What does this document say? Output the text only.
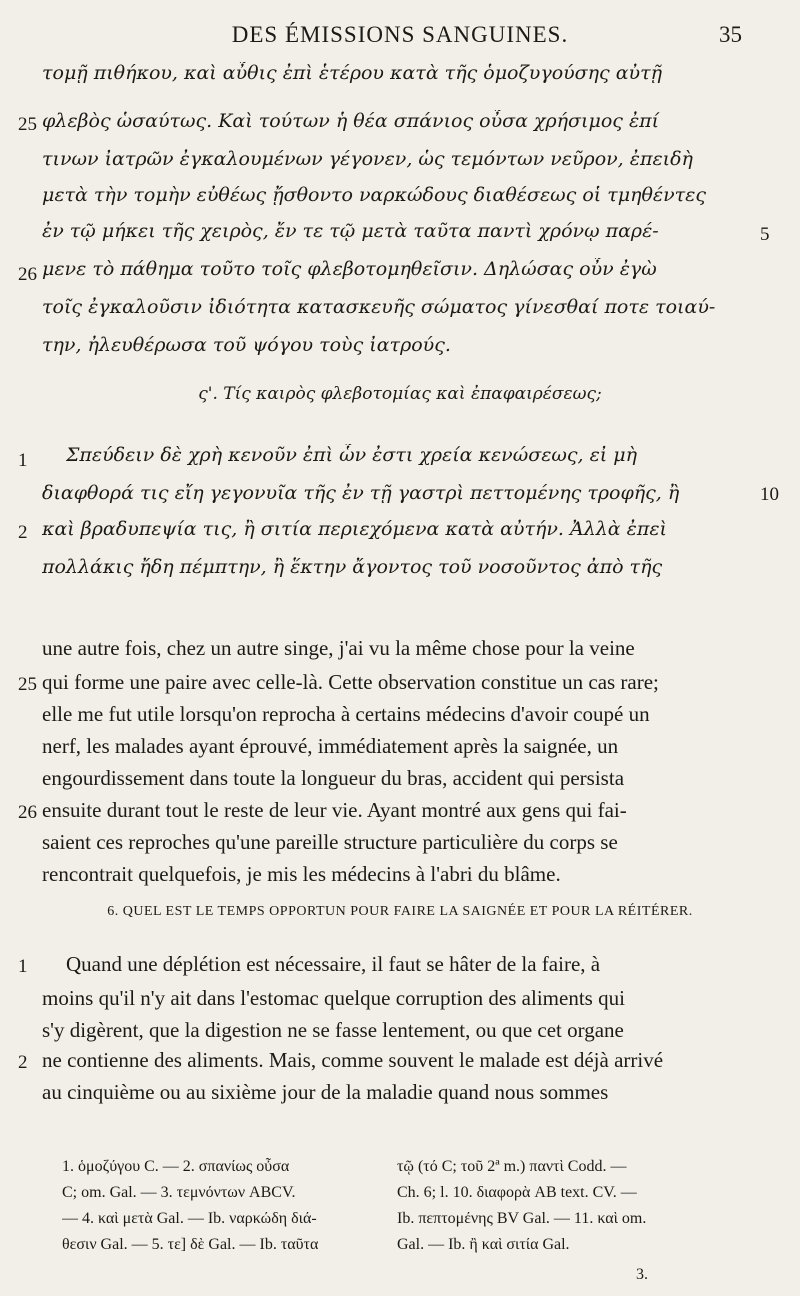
DES ÉMISSIONS SANGUINES.	35
τομῇ πιθήκου, καὶ αὖθις ἐπὶ ἑτέρου κατὰ τῆς ὁμοζυγούσης αὐτῇ
φλεβὸς ὡσαύτως. Καὶ τούτων ἡ θέα σπάνιος οὖσα χρήσιμος ἐπί
τινων ἰατρῶν ἐγκαλουμένων γέγονεν, ὡς τεμόντων νεῦρον, ἐπειδὴ
μετὰ τὴν τομὴν εὐθέως ᾔσθοντο ναρκώδους διαθέσεως οἱ τμηθέντες
ἐν τῷ μήκει τῆς χειρὸς, ἔν τε τῷ μετὰ ταῦτα παντὶ χρόνῳ παρέ-
μενε τὸ πάθημα τοῦτο τοῖς φλεβοτομηθεῖσιν. Δηλώσας οὖν ἐγὼ
τοῖς ἐγκαλοῦσιν ἰδιότητα κατασκευῆς σώματος γίνεσθαί ποτε τοιαύ-
την, ἠλευθέρωσα τοῦ ψόγου τοὺς ἰατρούς.
25
5
26
ς'. Τίς καιρὸς φλεβοτομίας καὶ ἐπαφαιρέσεως;
Σπεύδειν δὲ χρὴ κενοῦν ἐπὶ ὧν ἐστι χρεία κενώσεως, εἰ μὴ
διαφθορά τις εἴη γεγονυῖα τῆς ἐν τῇ γαστρὶ πεττομένης τροφῆς, ἢ
καὶ βραδυπεψία τις, ἢ σιτία περιεχόμενα κατὰ αὐτήν. Ἀλλὰ ἐπεὶ
πολλάκις ἤδη πέμπτην, ἢ ἕκτην ἄγοντος τοῦ νοσοῦντος ἀπὸ τῆς
1
10
2
une autre fois, chez un autre singe, j'ai vu la même chose pour la veine
qui forme une paire avec celle-là. Cette observation constitue un cas rare;
elle me fut utile lorsqu'on reprocha à certains médecins d'avoir coupé un
nerf, les malades ayant éprouvé, immédiatement après la saignée, un
engourdissement dans toute la longueur du bras, accident qui persista
ensuite durant tout le reste de leur vie. Ayant montré aux gens qui fai-
saient ces reproches qu'une pareille structure particulière du corps se
rencontrait quelquefois, je mis les médecins à l'abri du blâme.
25
26
6. QUEL EST LE TEMPS OPPORTUN POUR FAIRE LA SAIGNÉE ET POUR LA RÉITÉRER.
Quand une déplétion est nécessaire, il faut se hâter de la faire, à
moins qu'il n'y ait dans l'estomac quelque corruption des aliments qui
s'y digèrent, que la digestion ne se fasse lentement, ou que cet organe
ne contienne des aliments. Mais, comme souvent le malade est déjà arrivé
au cinquième ou au sixième jour de la maladie quand nous sommes
1
2
1. ὁμοζύγου C. — 2. σπανίως οὖσα
C; om. Gal. — 3. τεμνόντων ABCV.
— 4. καὶ μετὰ Gal. — Ib. ναρκώδη διά-
θεσιν Gal. — 5. τε] δὲ Gal. — Ib. ταῦτα
τῷ (τό C; τοῦ 2ª m.) παντὶ Codd. —
Ch. 6; l. 10. διαφορὰ AB text. CV. —
Ib. πεπτομένης BV Gal. — 11. καὶ om.
Gal. — Ib. ἢ καὶ σιτία Gal.
3.
